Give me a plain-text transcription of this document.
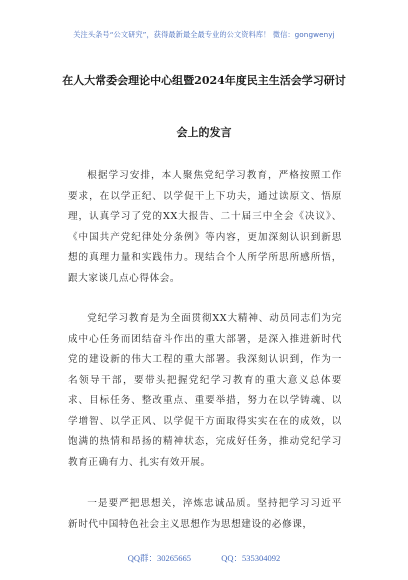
关注头条号“公文研究”，获得最新最全最专业的公文资料库！ 微信：gongwenyj
在人大常委会理论中心组暨2024年度民主生活会学习研讨
会上的发言

根据学习安排，本人聚焦党纪学习教育，严格按照工作要求，在以学正纪、以学促干上下功夫，通过读原文、悟原理，认真学习了党的XX大报告、二十届三中全会《决议》、《中国共产党纪律处分条例》等内容，更加深刻认识到新思想的真理力量和实践伟力。现结合个人所学所思所感所悟，跟大家谈几点心得体会。

党纪学习教育是为全面贯彻XX大精神、动员同志们为完成中心任务而团结奋斗作出的重大部署，是深入推进新时代党的建设新的伟大工程的重大部署。我深刻认识到，作为一名领导干部，要带头把握党纪学习教育的重大意义总体要求、目标任务、整改重点、重要举措，努力在以学铸魂、以学增智、以学正风、以学促干方面取得实实在在的成效，以饱满的热情和昂扬的精神状态，完成好任务，推动党纪学习教育正确有力、扎实有效开展。

一是要严把思想关，淬炼忠诚品质。坚持把学习习近平新时代中国特色社会主义思想作为思想建设的必修课，

QQ群：30265665	QQ：535304092
